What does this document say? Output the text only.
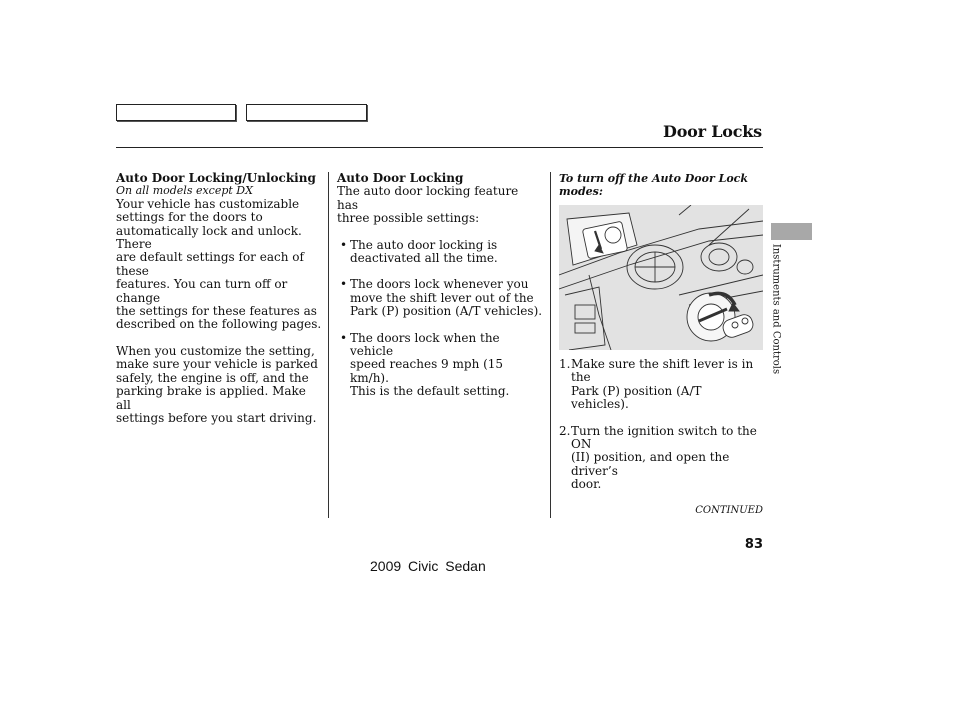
Door Locks
Auto Door Locking/Unlocking
On all models except DX

Your vehicle has customizable

settings for the doors to

automatically lock and unlock. There

are default settings for each of these

features. You can turn off or change

the settings for these features as

described on the following pages.

When you customize the setting,

make sure your vehicle is parked

safely, the engine is off, and the

parking brake is applied. Make all

settings before you start driving.

Auto Door Locking

The auto door locking feature has

three possible settings:

• The auto door locking is

deactivated all the time.

• The doors lock whenever you

move the shift lever out of the

Park (P) position (A/T vehicles).

• The doors lock when the vehicle

speed reaches 9 mph (15 km/h).

This is the default setting.

To turn off the Auto Door Lock

modes:

1. Make sure the shift lever is in the

Park (P) position (A/T vehicles).

2. Turn the ignition switch to the ON

(II) position, and open the driver’s

door.

Instruments and Controls
CONTINUED
83
2009 Civic Sedan
